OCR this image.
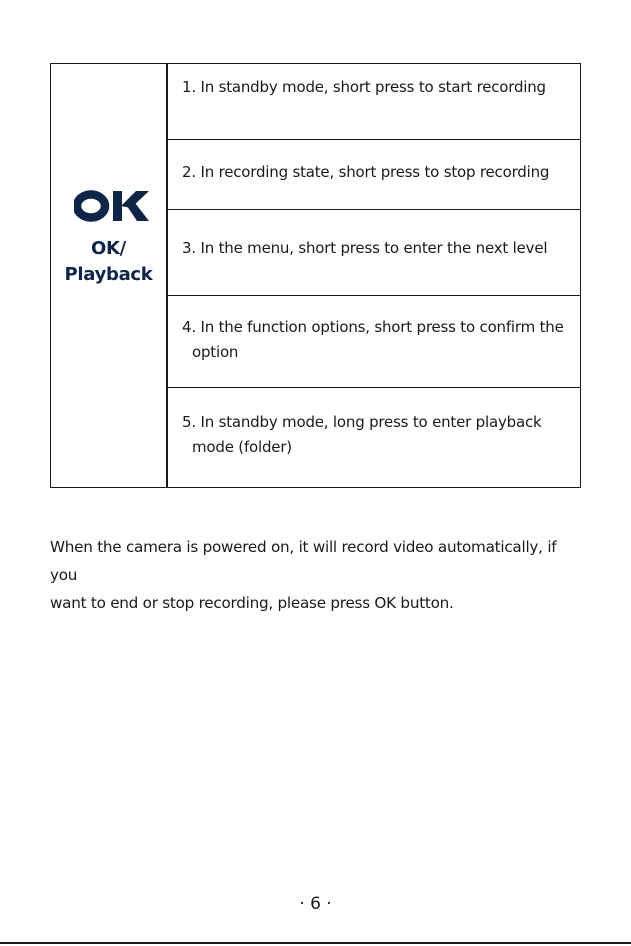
OK/
Playback
1. In standby mode, short press to start recording
2. In recording state, short press to stop recording
3. In the menu, short press to enter the next level
4. In the function options, short press to confirm the
option
5. In standby mode, long press to enter playback
mode (folder)
When the camera is powered on, it will record video automatically, if you
want to end or stop recording, please press OK button.
· 6 ·
